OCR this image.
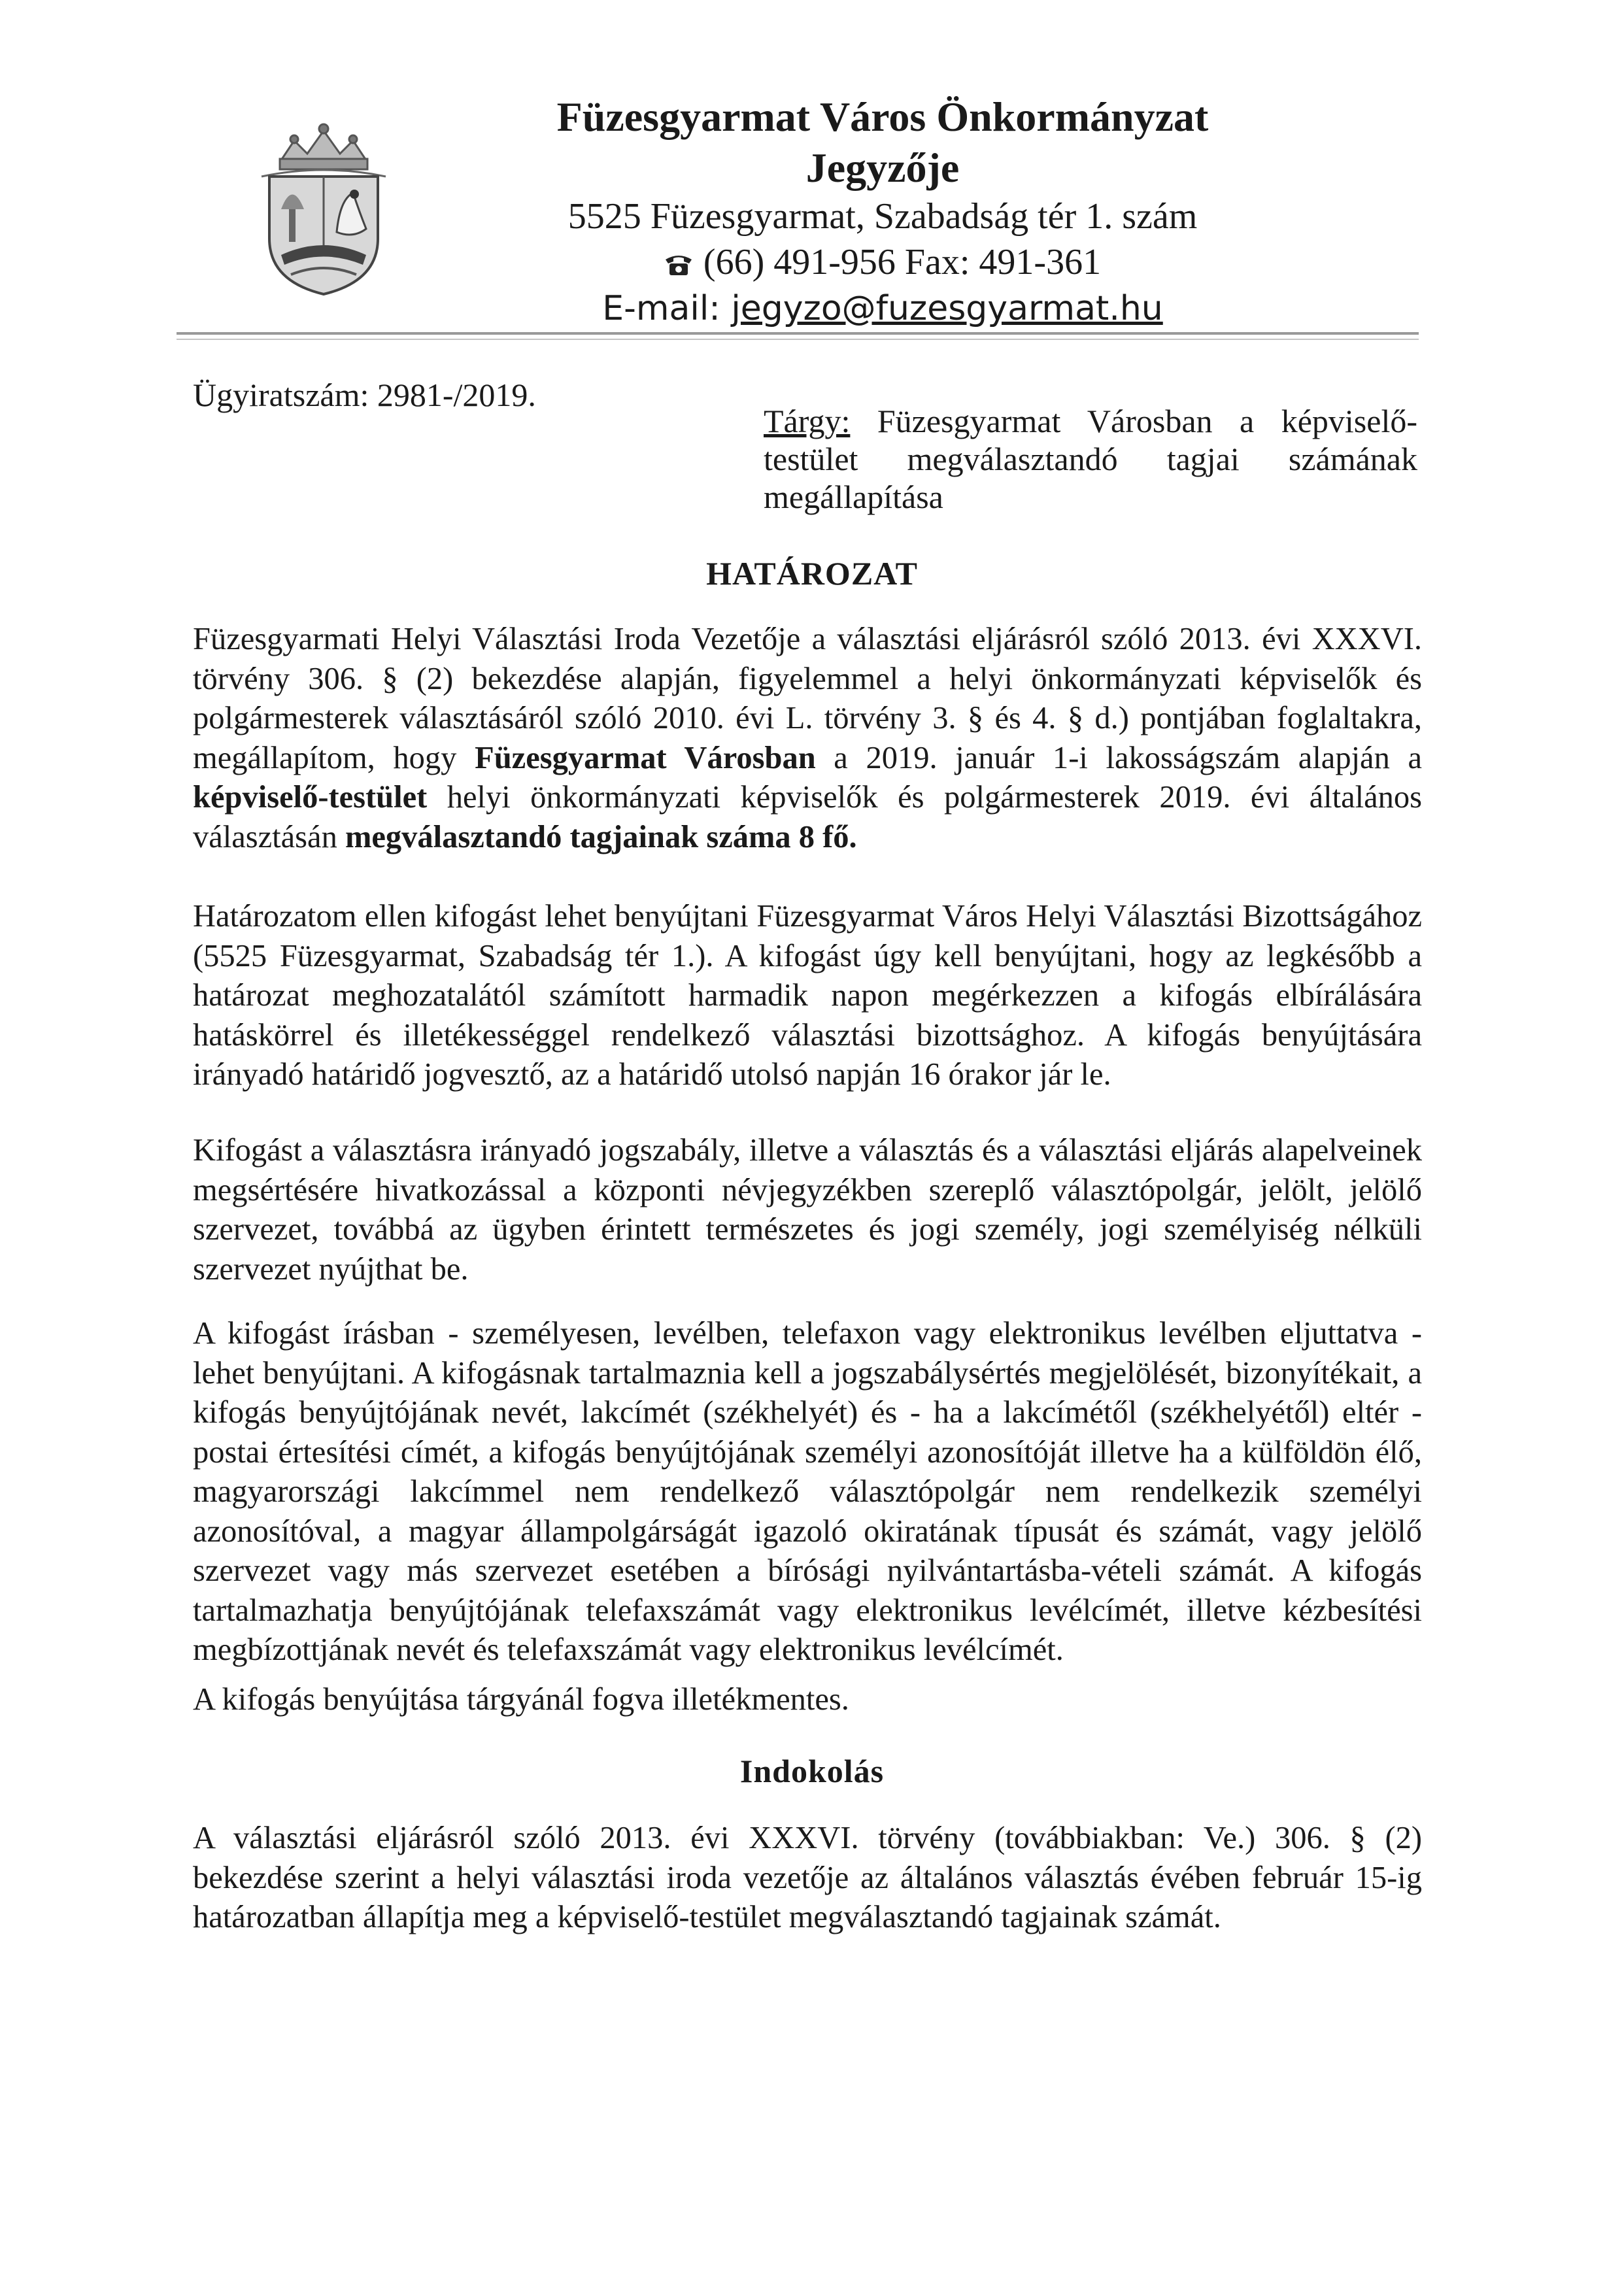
Füzesgyarmat Város Önkormányzat
Jegyzője
5525 Füzesgyarmat, Szabadság tér 1. szám
(66) 491-956 Fax: 491-361
E-mail: jegyzo@fuzesgyarmat.hu
Ügyiratszám: 2981-/2019.
Tárgy: Füzesgyarmat Városban a képviselő-testület megválasztandó tagjai számának megállapítása
HATÁROZAT
Füzesgyarmati Helyi Választási Iroda Vezetője a választási eljárásról szóló 2013. évi XXXVI. törvény 306. § (2) bekezdése alapján, figyelemmel a helyi önkormányzati képviselők és polgármesterek választásáról szóló 2010. évi L. törvény 3. § és 4. § d.) pontjában foglaltakra, megállapítom, hogy Füzesgyarmat Városban a 2019. január 1-i lakosságszám alapján a képviselő-testület helyi önkormányzati képviselők és polgármesterek 2019. évi általános választásán megválasztandó tagjainak száma 8 fő.
Határozatom ellen kifogást lehet benyújtani Füzesgyarmat Város Helyi Választási Bizottságához (5525 Füzesgyarmat, Szabadság tér 1.). A kifogást úgy kell benyújtani, hogy az legkésőbb a határozat meghozatalától számított harmadik napon megérkezzen a kifogás elbírálására hatáskörrel és illetékességgel rendelkező választási bizottsághoz. A kifogás benyújtására irányadó határidő jogvesztő, az a határidő utolsó napján 16 órakor jár le.
Kifogást a választásra irányadó jogszabály, illetve a választás és a választási eljárás alapelveinek megsértésére hivatkozással a központi névjegyzékben szereplő választópolgár, jelölt, jelölő szervezet, továbbá az ügyben érintett természetes és jogi személy, jogi személyiség nélküli szervezet nyújthat be.
A kifogást írásban - személyesen, levélben, telefaxon vagy elektronikus levélben eljuttatva - lehet benyújtani. A kifogásnak tartalmaznia kell a jogszabálysértés megjelölését, bizonyítékait, a kifogás benyújtójának nevét, lakcímét (székhelyét) és - ha a lakcímétől (székhelyétől) eltér - postai értesítési címét, a kifogás benyújtójának személyi azonosítóját illetve ha a külföldön élő, magyarországi lakcímmel nem rendelkező választópolgár nem rendelkezik személyi azonosítóval, a magyar állampolgárságát igazoló okiratának típusát és számát, vagy jelölő szervezet vagy más szervezet esetében a bírósági nyilvántartásba-vételi számát. A kifogás tartalmazhatja benyújtójának telefaxszámát vagy elektronikus levélcímét, illetve kézbesítési megbízottjának nevét és telefaxszámát vagy elektronikus levélcímét.
A kifogás benyújtása tárgyánál fogva illetékmentes.
Indokolás
A választási eljárásról szóló 2013. évi XXXVI. törvény (továbbiakban: Ve.) 306. § (2) bekezdése szerint a helyi választási iroda vezetője az általános választás évében február 15-ig határozatban állapítja meg a képviselő-testület megválasztandó tagjainak számát.
